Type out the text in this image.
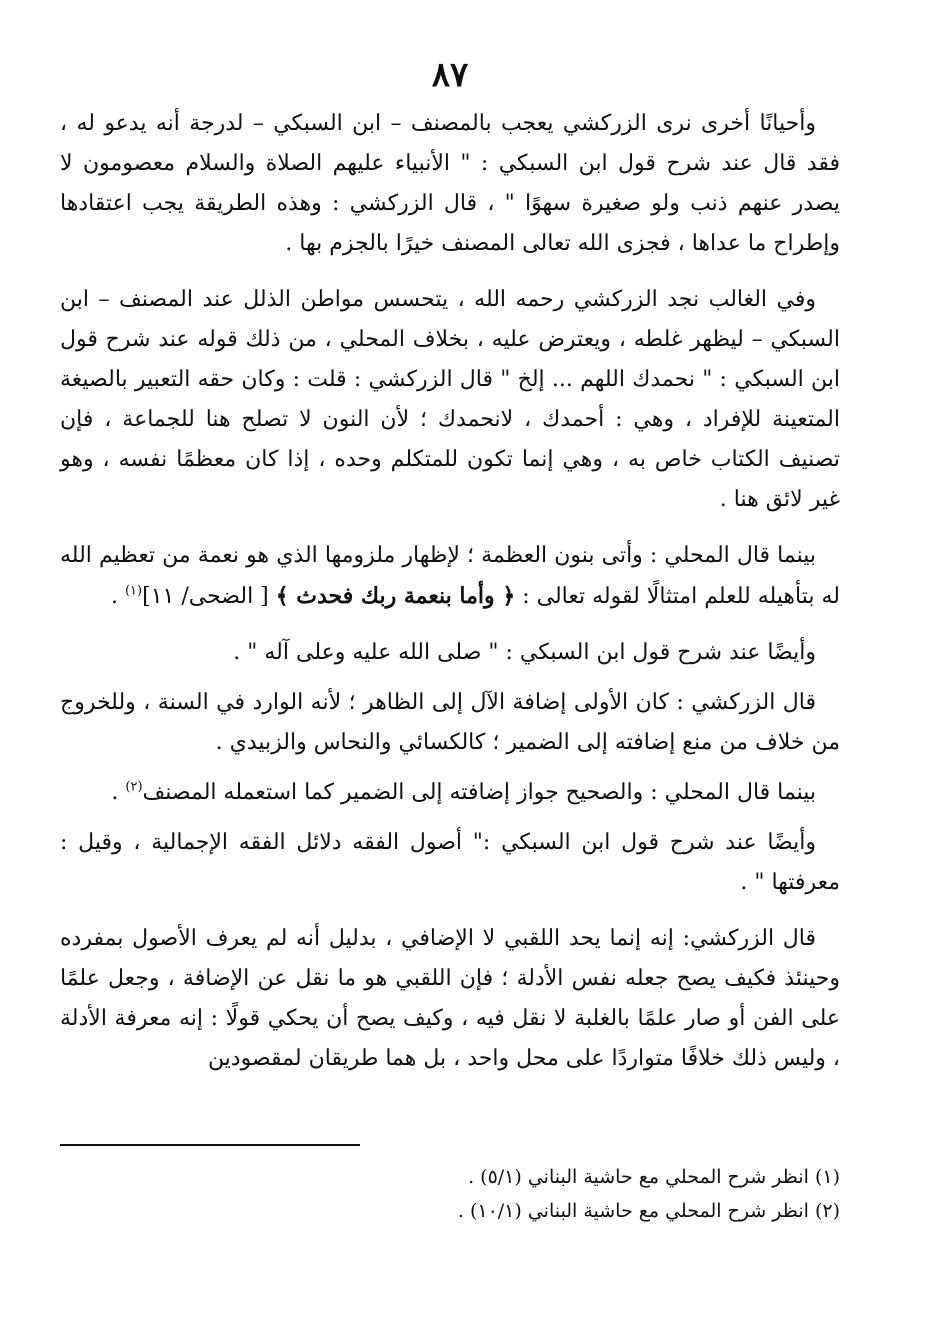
٨٧

وأحيانًا أخرى نرى الزركشي يعجب بالمصنف – ابن السبكي – لدرجة أنه يدعو له ، فقد قال عند شرح قول ابن السبكي : " الأنبياء عليهم الصلاة والسلام معصومون لا يصدر عنهم ذنب ولو صغيرة سهوًا " ، قال الزركشي : وهذه الطريقة يجب اعتقادها وإطراح ما عداها ، فجزى الله تعالى المصنف خيرًا بالجزم بها .

وفي الغالب نجد الزركشي رحمه الله ، يتحسس مواطن الذلل عند المصنف – ابن السبكي – ليظهر غلطه ، ويعترض عليه ، بخلاف المحلي ، من ذلك قوله عند شرح قول ابن السبكي : " نحمدك اللهم ... إلخ " قال الزركشي : قلت : وكان حقه التعبير بالصيغة المتعينة للإفراد ، وهي : أحمدك ، لانحمدك ؛ لأن النون لا تصلح هنا للجماعة ، فإن تصنيف الكتاب خاص به ، وهي إنما تكون للمتكلم وحده ، إذا كان معظمًا نفسه ، وهو غير لائق هنا .

بينما قال المحلي : وأتى بنون العظمة ؛ لإظهار ملزومها الذي هو نعمة من تعظيم الله له بتأهيله للعلم امتثالًا لقوله تعالى : ﴿ وأما بنعمة ربك فحدث ﴾ [ الضحى/ ١١]$^{(١)}$ .

وأيضًا عند شرح قول ابن السبكي : " صلى الله عليه وعلى آله " .

قال الزركشي : كان الأولى إضافة الآل إلى الظاهر ؛ لأنه الوارد في السنة ، وللخروج من خلاف من منع إضافته إلى الضمير ؛ كالكسائي والنحاس والزبيدي .

بينما قال المحلي : والصحيح جواز إضافته إلى الضمير كما استعمله المصنف$^{(٢)}$ .

وأيضًا عند شرح قول ابن السبكي :" أصول الفقه دلائل الفقه الإجمالية ، وقيل : معرفتها " .

قال الزركشي: إنه إنما يحد اللقبي لا الإضافي ، بدليل أنه لم يعرف الأصول بمفرده وحينئذ فكيف يصح جعله نفس الأدلة ؛ فإن اللقبي هو ما نقل عن الإضافة ، وجعل علمًا على الفن أو صار علمًا بالغلبة لا نقل فيه ، وكيف يصح أن يحكي قولًا : إنه معرفة الأدلة ، وليس ذلك خلافًا متواردًا على محل واحد ، بل هما طريقان لمقصودين

(١) انظر شرح المحلي مع حاشية البناني (٥/١) .

(٢) انظر شرح المحلي مع حاشية البناني (١٠/١) .
